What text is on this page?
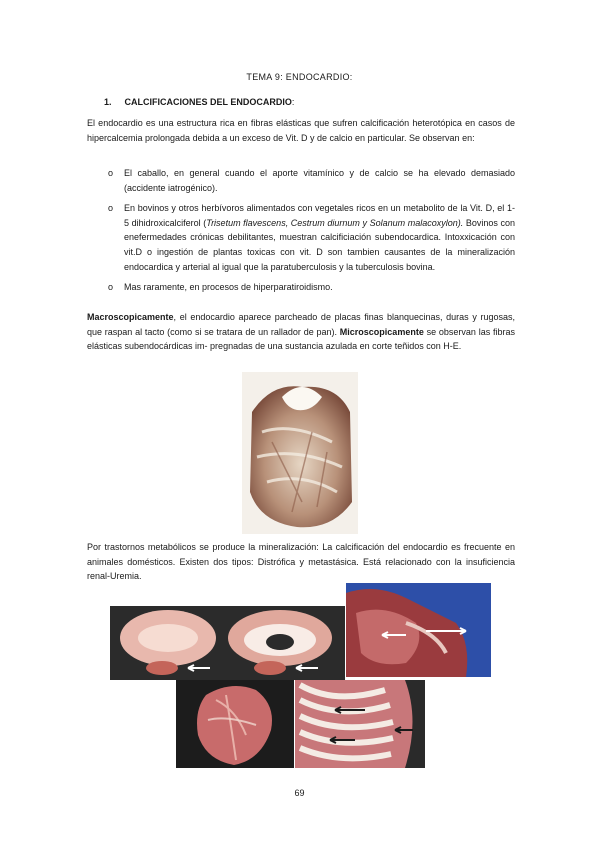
TEMA 9: ENDOCARDIO:
1. CALCIFICACIONES DEL ENDOCARDIO:
El endocardio es una estructura rica en fibras elásticas que sufren calcificación heterotópica en casos de hipercalcemia prolongada debida a un exceso de Vit. D y de calcio en particular. Se observan en:
o El caballo, en general cuando el aporte vitamínico y de calcio se ha elevado demasiado (accidente iatrogénico).
o En bovinos y otros herbívoros alimentados con vegetales ricos en un metabolito de la Vit. D, el 1-5 dihidroxicalciferol (Trisetum flavescens, Cestrum diurnum y Solanum malacoxylon). Bovinos con enefermedades crónicas debilitantes, muestran calcificiación subendocardica. Intoxxicación con vit.D o ingestión de plantas toxicas con vit. D son tambien causantes de la mineralización endocardica y arterial al igual que la paratuberculosis y la tuberculosis bovina.
o Mas raramente, en procesos de hiperparatiroidismo.
Macroscopicamente, el endocardio aparece parcheado de placas finas blanquecinas, duras y rugosas, que raspan al tacto (como si se tratara de un rallador de pan). Microscopicamente se observan las fibras elásticas subendocárdicas im- pregnadas de una sustancia azulada en corte teñidos con H-E.
Por trastornos metabólicos se produce la mineralización: La calcificación del endocardio es frecuente en animales domésticos. Existen dos tipos: Distrófica y metastásica. Está relacionado con la insuficiencia renal-Uremia.
69
